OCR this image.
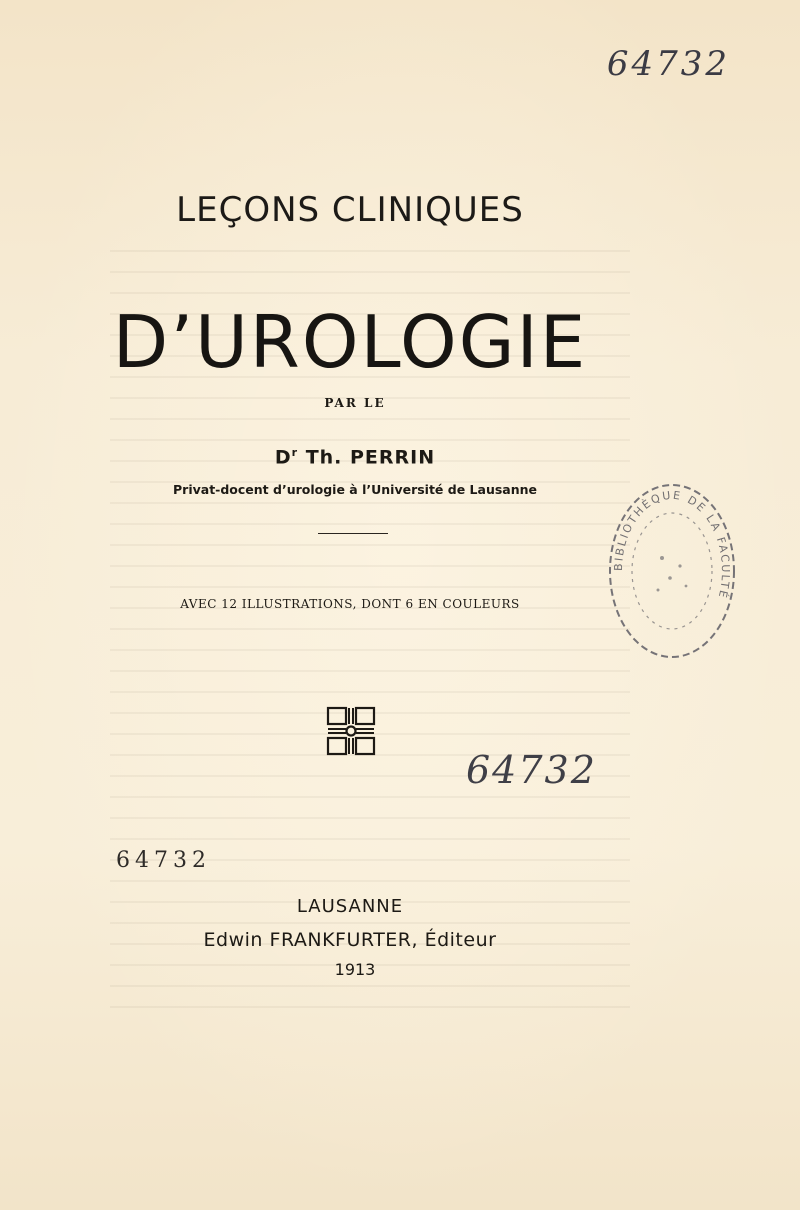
64732
LEÇONS CLINIQUES
D’UROLOGIE
PAR LE
$D^r$ Th. PERRIN
Privat-docent d’urologie à l’Université de Lausanne
AVEC 12 ILLUSTRATIONS, DONT 6 EN COULEURS
64732
64732
LAUSANNE
Edwin FRANKFURTER, Éditeur
1913
BIBLIOTHÈQUE DE LA FACULTÉ
